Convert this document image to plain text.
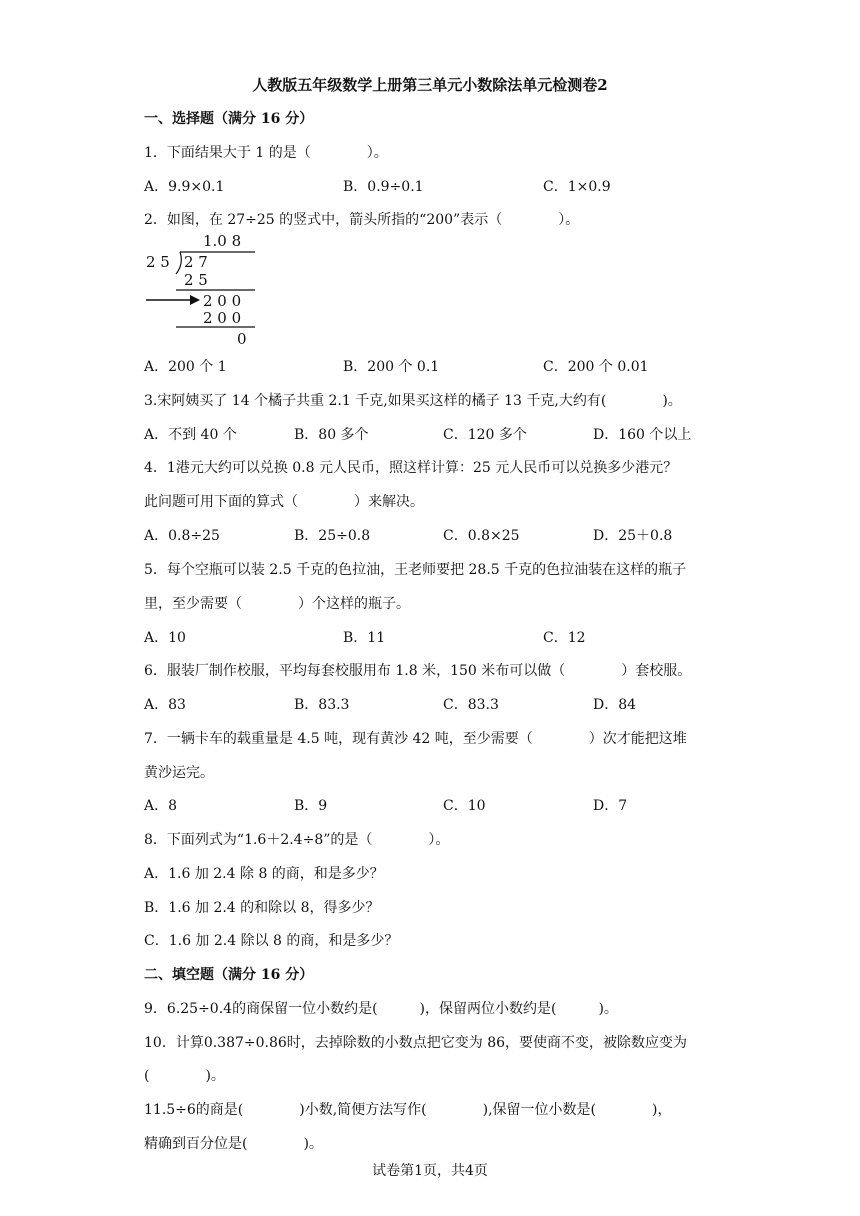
人教版五年级数学上册第三单元小数除法单元检测卷2
一、选择题（满分 16 分）
1．下面结果大于 1 的是（　　　　）。
A．9.9×0.1	B．0.9÷0.1	C．1×0.9
2．如图，在 27÷25 的竖式中，箭头所指的“200”表示（　　　　）。
1.0 8
2 5 2 7
2 5
2 0 0
2 0 0
0
A．200 个 1	B．200 个 0.1	C．200 个 0.01
3.宋阿姨买了 14 个橘子共重 2.1 千克,如果买这样的橘子 13 千克,大约有(　　　　)。
A．不到 40 个	B．80 多个	C．120 多个	D．160 个以上
4．1港元大约可以兑换 0.8 元人民币，照这样计算：25 元人民币可以兑换多少港元？
此问题可用下面的算式（　　　　）来解决。
A．0.8÷25	B．25÷0.8	C．0.8×25	D．25＋0.8
5．每个空瓶可以装 2.5 千克的色拉油，王老师要把 28.5 千克的色拉油装在这样的瓶子
里，至少需要（　　　　）个这样的瓶子。
A．10	B．11	C．12
6．服装厂制作校服，平均每套校服用布 1.8 米，150 米布可以做（　　　　）套校服。
A．83	B．83.3	C．83.3	D．84
7．一辆卡车的载重量是 4.5 吨，现有黄沙 42 吨，至少需要（　　　　）次才能把这堆
黄沙运完。
A．8	B．9	C．10	D．7
8．下面列式为“1.6＋2.4÷8”的是（　　　　）。
A．1.6 加 2.4 除 8 的商，和是多少？
B．1.6 加 2.4 的和除以 8，得多少？
C．1.6 加 2.4 除以 8 的商，和是多少？
二、填空题（满分 16 分）
9．6.25÷0.4的商保留一位小数约是(　　　)，保留两位小数约是(　　　)。
10．计算0.387÷0.86时，去掉除数的小数点把它变为 86，要使商不变，被除数应变为
(　　　　)。
11.5÷6的商是(　　　　)小数,简便方法写作(　　　　),保留一位小数是(　　　　)，
精确到百分位是(　　　　)。
试卷第1页，共4页
